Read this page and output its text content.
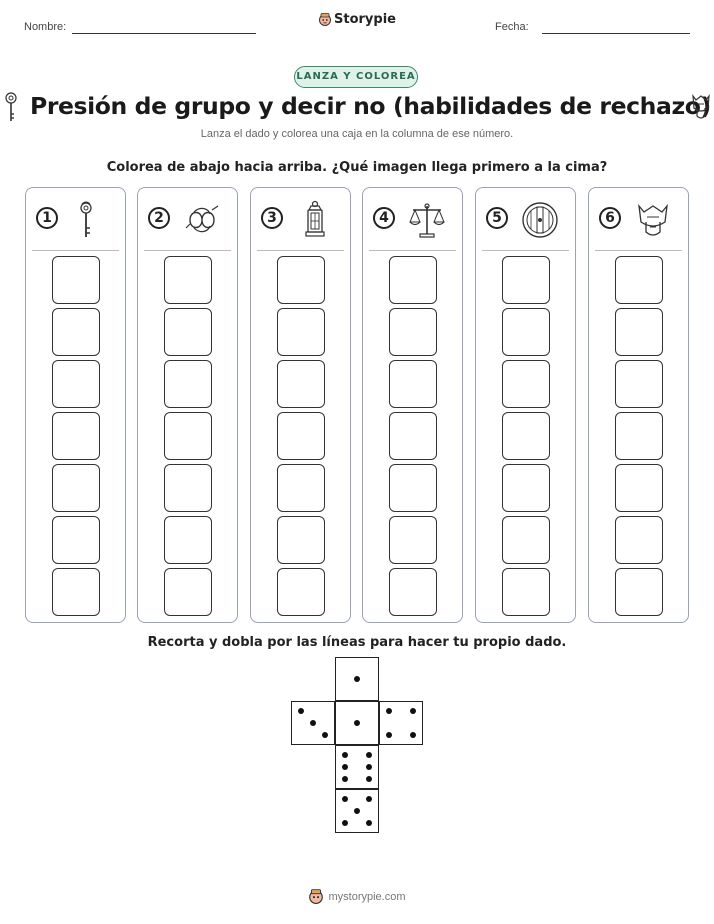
Nombre:	Storypie	Fecha:
LANZA Y COLOREA
Presión de grupo y decir no (habilidades de rechazo)
Lanza el dado y colorea una caja en la columna de ese número.
Colorea de abajo hacia arriba. ¿Qué imagen llega primero a la cima?
1	2	3	4	5	6
Recorta y dobla por las líneas para hacer tu propio dado.
mystorypie.com
